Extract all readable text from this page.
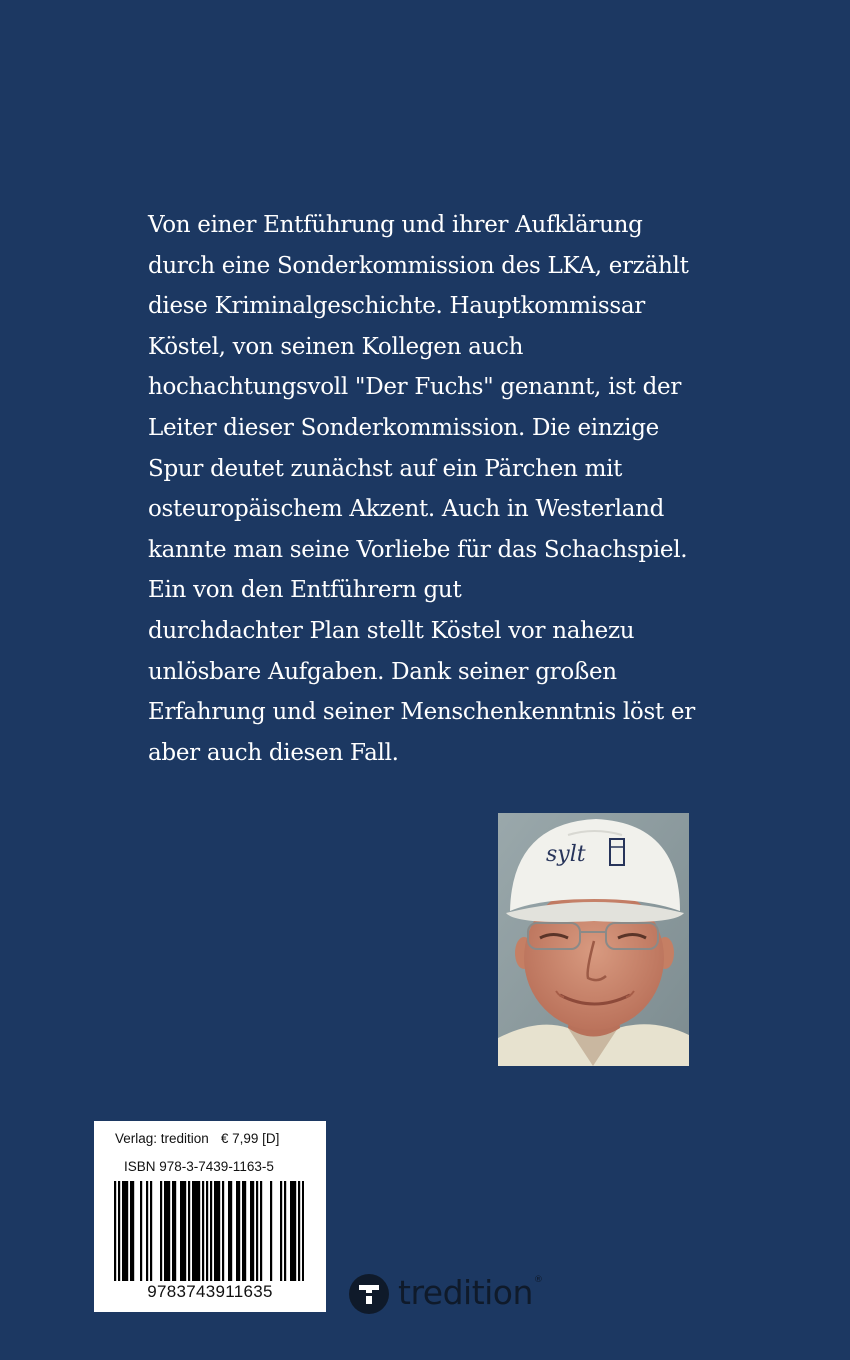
Von einer Entführung und ihrer Aufklärung
durch eine Sonderkommission des LKA, erzählt
diese Kriminalgeschichte. Hauptkommissar
Köstel, von seinen Kollegen auch
hochachtungsvoll "Der Fuchs" genannt, ist der
Leiter dieser Sonderkommission. Die einzige
Spur deutet zunächst auf ein Pärchen mit
osteuropäischem Akzent. Auch in Westerland
kannte man seine Vorliebe für das Schachspiel.
Ein von den Entführern gut
durchdachter Plan stellt Köstel vor nahezu
unlösbare Aufgaben. Dank seiner großen
Erfahrung und seiner Menschenkenntnis löst er
aber auch diesen Fall.
sylt
Verlag: tredition € 7,99 [D]
ISBN 978-3-7439-1163-5
9783743911635	tredition ®
